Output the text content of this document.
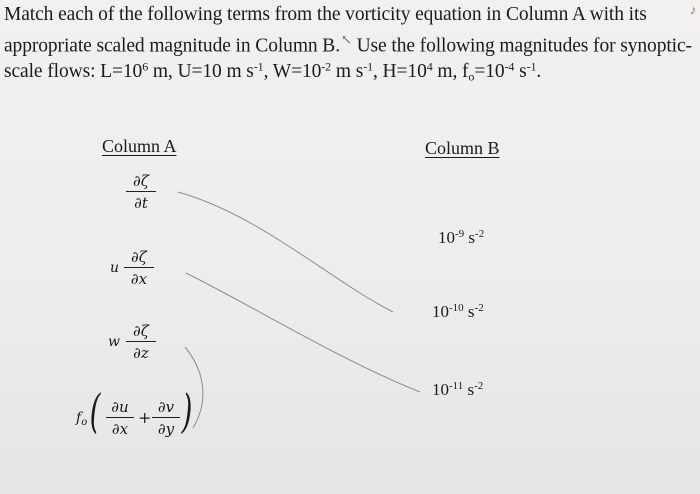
Match each of the following terms from the vorticity equation in Column A with its
appropriate scaled magnitude in Column B.↖ Use the following magnitudes for synoptic-
scale flows: $L=10^6$ m, U=10 m $s^{-1}$, $W=10^{-2}$ m $s^{-1}$, $H=10^4$ m, $f_o=10^{-4}$ $s^{-1}$.
♪
Column A
∂ζ
∂t
u
∂ζ
∂x
w
∂ζ
∂z
$f_o$ ( ∂u
∂x
+
∂v
∂y )
Column B
$10^{-9}$ $s^{-2}$
$10^{-10}$ $s^{-2}$
$10^{-11}$ $s^{-2}$
